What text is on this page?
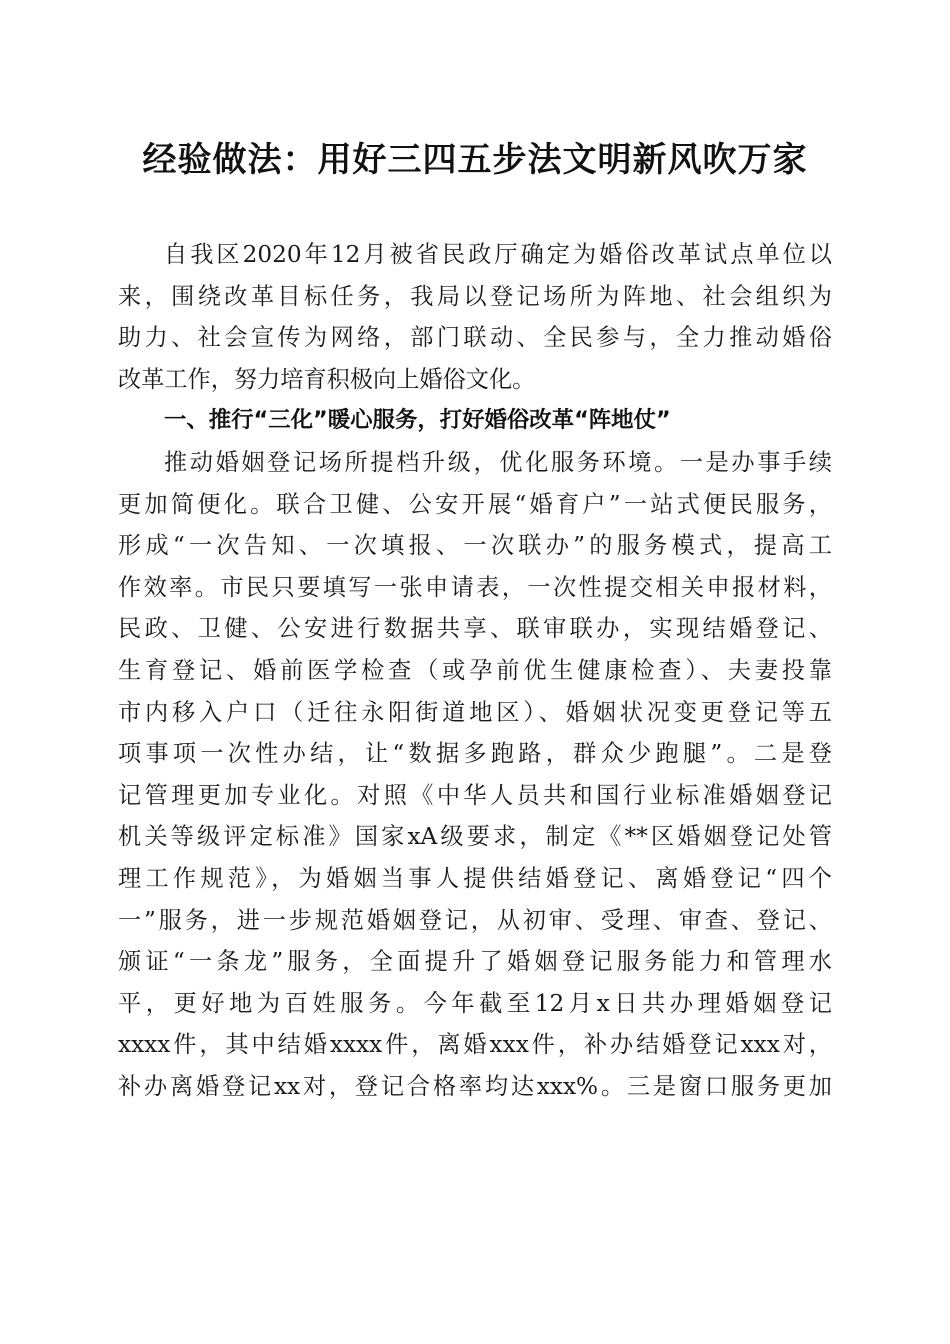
经验做法：用好三四五步法文明新风吹万家
自我区2020年12月被省民政厅确定为婚俗改革试点单位以
来，围绕改革目标任务，我局以登记场所为阵地、社会组织为
助力、社会宣传为网络，部门联动、全民参与，全力推动婚俗
改革工作，努力培育积极向上婚俗文化。
一、推行“三化”暖心服务，打好婚俗改革“阵地仗”
推动婚姻登记场所提档升级，优化服务环境。一是办事手续
更加简便化。联合卫健、公安开展“婚育户”一站式便民服务，
形成“一次告知、一次填报、一次联办”的服务模式，提高工
作效率。市民只要填写一张申请表，一次性提交相关申报材料，
民政、卫健、公安进行数据共享、联审联办，实现结婚登记、
生育登记、婚前医学检查（或孕前优生健康检查）、夫妻投靠
市内移入户口（迁往永阳街道地区）、婚姻状况变更登记等五
项事项一次性办结，让“数据多跑路，群众少跑腿”。二是登
记管理更加专业化。对照《中华人员共和国行业标准婚姻登记
机关等级评定标准》国家xA级要求，制定《**区婚姻登记处管
理工作规范》，为婚姻当事人提供结婚登记、离婚登记“四个
一”服务，进一步规范婚姻登记，从初审、受理、审查、登记、
颁证“一条龙”服务，全面提升了婚姻登记服务能力和管理水
平，更好地为百姓服务。今年截至12月x日共办理婚姻登记
xxxx件，其中结婚xxxx件，离婚xxx件，补办结婚登记xxx对，
补办离婚登记xx对，登记合格率均达xxx%。三是窗口服务更加
